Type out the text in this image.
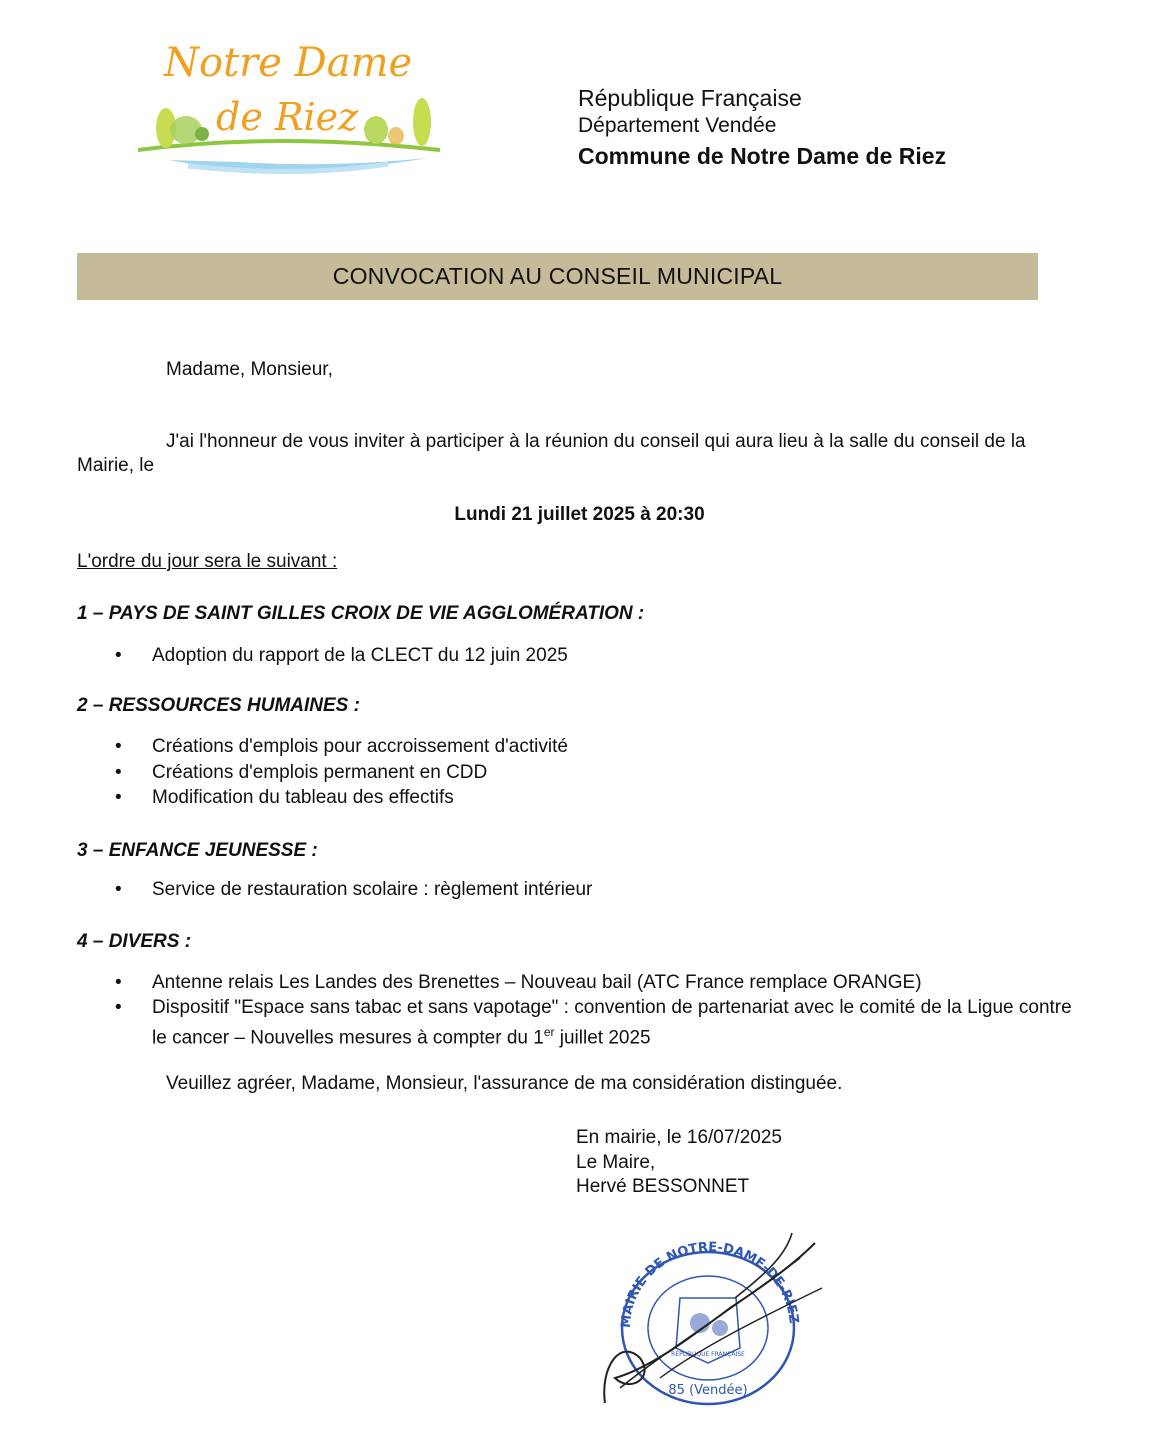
Notre Dame
de Riez	République Française
Département Vendée
Commune de Notre Dame de Riez
CONVOCATION AU CONSEIL MUNICIPAL
Madame, Monsieur,
J'ai l'honneur de vous inviter à participer à la réunion du conseil qui aura lieu à la salle du conseil de la Mairie, le
Lundi 21 juillet 2025 à 20:30
L'ordre du jour sera le suivant :
1 – PAYS DE SAINT GILLES CROIX DE VIE AGGLOMÉRATION :
• Adoption du rapport de la CLECT du 12 juin 2025
2 – RESSOURCES HUMAINES :
• Créations d'emplois pour accroissement d'activité
• Créations d'emplois permanent en CDD
• Modification du tableau des effectifs
3 – ENFANCE JEUNESSE :
• Service de restauration scolaire : règlement intérieur
4 – DIVERS :
• Antenne relais Les Landes des Brenettes – Nouveau bail (ATC France remplace ORANGE)
• Dispositif "Espace sans tabac et sans vapotage" : convention de partenariat avec le comité de la Ligue contre le cancer – Nouvelles mesures à compter du 1er juillet 2025
Veuillez agréer, Madame, Monsieur, l'assurance de ma considération distinguée.
En mairie, le 16/07/2025
Le Maire,
Hervé BESSONNET
MAIRIE DE NOTRE-DAME-DE-RIEZ
85 (Vendée)
RÉPUBLIQUE FRANÇAISE
